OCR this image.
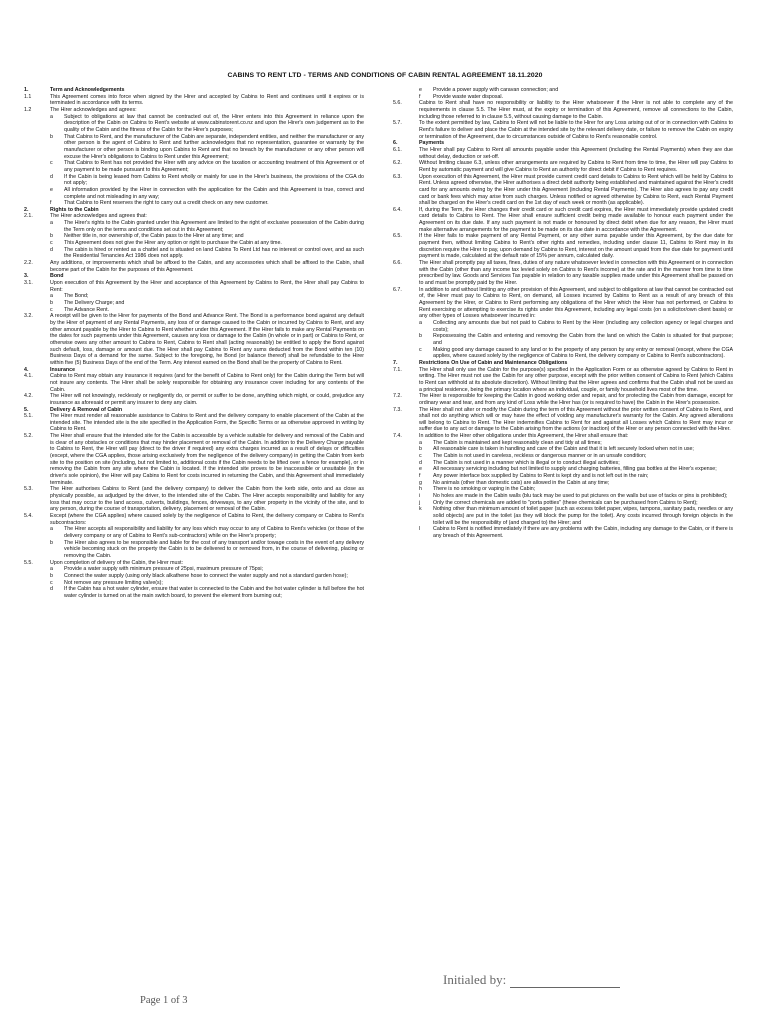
CABINS TO RENT LTD - TERMS AND CONDITIONS OF CABIN RENTAL AGREEMENT 18.11.2020
1.	Term and Acknowledgements
1.1	This Agreement comes into force when signed by the Hirer and accepted by Cabins to Rent and continues until it expires or is terminated in accordance with its terms.
1.2	The Hirer acknowledges and agrees:
a	Subject to obligations at law that cannot be contracted out of, the Hirer enters into this Agreement in reliance upon the description of the Cabin on Cabins to Rent's website at www.cabinstorent.co.nz and upon the Hirer's own judgement as to the quality of the Cabin and the fitness of the Cabin for the Hirer's purposes;
b	That Cabins to Rent, and the manufacturer of the Cabin are separate, independent entities, and neither the manufacturer or any other person is the agent of Cabins to Rent and further acknowledges that no representation, guarantee or warranty by the manufacturer or other person is binding upon Cabins to Rent and that no breach by the manufacturer or any other person will excuse the Hirer's obligations to Cabins to Rent under this Agreement;
c	That Cabins to Rent has not provided the Hirer with any advice on the taxation or accounting treatment of this Agreement or of any payment to be made pursuant to this Agreement;
d	If the Cabin is being leased from Cabins to Rent wholly or mainly for use in the Hirer's business, the provisions of the CGA do not apply;
e	All information provided by the Hirer in connection with the application for the Cabin and this Agreement is true, correct and complete and not misleading in any way;
f	That Cabins to Rent reserves the right to carry out a credit check on any new customer.
2.	Rights to the Cabin
2.1.	The Hirer acknowledges and agrees that:
a	The Hirer's rights to the Cabin granted under this Agreement are limited to the right of exclusive possession of the Cabin during the Term only on the terms and conditions set out in this Agreement;
b	Neither title in, nor ownership of, the Cabin pass to the Hirer at any time; and
c	This Agreement does not give the Hirer any option or right to purchase the Cabin at any time.
d	The cabin is hired or rented as a chattel and is situated on land Cabins To Rent Ltd has no interest or control over, and as such the Residential Tenancies Act 1986 does not apply.
2.2.	Any additions, or improvements which shall be affixed to the Cabin, and any accessories which shall be affixed to the Cabin, shall become part of the Cabin for the purposes of this Agreement.
3.	Bond
3.1.	Upon execution of this Agreement by the Hirer and acceptance of this Agreement by Cabins to Rent, the Hirer shall pay Cabins to Rent:
a	The Bond;
b	The Delivery Charge; and
c	The Advance Rent.
3.2.	A receipt will be given to the Hirer for payments of the Bond and Advance Rent. The Bond is a performance bond against any default by the Hirer of payment of any Rental Payments, any loss of or damage caused to the Cabin or incurred by Cabins to Rent, and any other amount payable by the Hirer to Cabins to Rent whether under this Agreement. If the Hirer fails to make any Rental Payments on the dates for such payments under this Agreement, causes any loss or damage to the Cabin (in whole or in part) or Cabins to Rent, or otherwise owes any other amount to Cabins to Rent, Cabins to Rent shall (acting reasonably) be entitled to apply the Bond against such default, loss, damage or amount due. The Hirer shall pay Cabins to Rent any sums deducted from the Bond within ten (10) Business Days of a demand for the same. Subject to the foregoing, he Bond (or balance thereof) shall be refundable to the Hirer within five (5) Business Days of the end of the Term. Any interest earned on the Bond shall be the property of Cabins to Rent.
4.	Insurance
4.1.	Cabins to Rent may obtain any insurance it requires (and for the benefit of Cabins to Rent only) for the Cabin during the Term but will not insure any contents. The Hirer shall be solely responsible for obtaining any insurance cover including for any contents of the Cabin.
4.2.	The Hirer will not knowingly, recklessly or negligently do, or permit or suffer to be done, anything which might, or could, prejudice any insurance as aforesaid or permit any insurer to deny any claim.
5.	Delivery & Removal of Cabin
5.1.	The Hirer must render all reasonable assistance to Cabins to Rent and the delivery company to enable placement of the Cabin at the intended site. The intended site is the site specified in the Application Form, the Specific Terms or as otherwise approved in writing by Cabins to Rent.
5.2.	The Hirer shall ensure that the intended site for the Cabin is accessible by a vehicle suitable for delivery and removal of the Cabin and is clear of any obstacles or conditions that may hinder placement or removal of the Cabin. In addition to the Delivery Charge payable to Cabins to Rent, the Hirer will pay (direct to the driver if required) any extra charges incurred as a result of delays or difficulties (except, where the CGA applies, those arising exclusively from the negligence of the delivery company) in getting the Cabin from kerb site to the position on site (including, but not limited to, additional costs if the Cabin needs to be lifted over a fence for example), or in removing the Cabin from any site where the Cabin is located. If the intended site proves to be inaccessible or unsuitable (in the driver's sole opinion), the Hirer will pay Cabins to Rent for costs incurred in returning the Cabin, and this Agreement shall immediately terminate.
5.3.	The Hirer authorises Cabins to Rent (and the delivery company) to deliver the Cabin from the kerb side, onto and as close as physically possible, as adjudged by the driver, to the intended site of the Cabin. The Hirer accepts responsibility and liability for any loss that may occur to the land access, culverts, buildings, fences, driveways, to any other property in the vicinity of the site, and to any person, during the course of transportation, delivery, placement or removal of the Cabin.
5.4.	Except (where the CGA applies) where caused solely by the negligence of Cabins to Rent, the delivery company or Cabins to Rent's subcontractors:
a	The Hirer accepts all responsibility and liability for any loss which may occur to any of Cabins to Rent's vehicles (or those of the delivery company or any of Cabins to Rent's sub-contractors) while on the Hirer's property;
b	The Hirer also agrees to be responsible and liable for the cost of any transport and/or towage costs in the event of any delivery vehicle becoming stuck on the property the Cabin is to be delivered to or removed from, in the course of delivering, placing or removing the Cabin.
5.5.	Upon completion of delivery of the Cabin, the Hirer must:
a	Provide a water supply with minimum pressure of 25psi, maximum pressure of 75psi;
b	Connect the water supply (using only black alkathene hose to connect the water supply and not a standard garden hose);
c	Not remove any pressure limiting valve(s);
d	If the Cabin has a hot water cylinder, ensure that water is connected to the Cabin and the hot water cylinder is full before the hot water cylinder is turned on at the main switch board, to prevent the element from burning out;
e	Provide a power supply with caravan connection; and
f	Provide waste water disposal.
5.6.	Cabins to Rent shall have no responsibility or liability to the Hirer whatsoever if the Hirer is not able to complete any of the requirements in clause 5.5. The Hirer must, at the expiry or termination of this Agreement, remove all connections to the Cabin, including those referred to in clause 5.5, without causing damage to the Cabin.
5.7.	To the extent permitted by law, Cabins to Rent will not be liable to the Hirer for any Loss arising out of or in connection with Cabins to Rent's failure to deliver and place the Cabin at the intended site by the relevant delivery date, or failure to remove the Cabin on expiry or termination of the Agreement, due to circumstances outside of Cabins to Rent's reasonable control.
6.	Payments
6.1.	The Hirer shall pay Cabins to Rent all amounts payable under this Agreement (including the Rental Payments) when they are due without delay, deduction or set-off.
6.2.	Without limiting clause 6.3, unless other arrangements are required by Cabins to Rent from time to time, the Hirer will pay Cabins to Rent by automatic payment and will give Cabins to Rent an authority for direct debit if Cabins to Rent requires.
6.3.	Upon execution of this Agreement, the Hirer must provide current credit card details to Cabins to Rent which will be held by Cabins to Rent. Unless agreed otherwise, the Hirer authorises a direct debit authority being established and maintained against the Hirer's credit card for any amounts owing by the Hirer under this Agreement (including Rental Payments). The Hirer also agrees to pay any credit card or bank fees which may arise from such charges. Unless notified or agreed otherwise by Cabins to Rent, each Rental Payment shall be charged on the Hirer's credit card on the 1st day of each week or month (as applicable).
6.4.	If, during the Term, the Hirer changes their credit card or such credit card expires, the Hirer must immediately provide updated credit card details to Cabins to Rent. The Hirer shall ensure sufficient credit being made available to honour each payment under the Agreement on its due date. If any such payment is not made or honoured by direct debit when due for any reason, the Hirer must make alternative arrangements for the payment to be made on its due date in accordance with the Agreement.
6.5.	If the Hirer fails to make payment of any Rental Payment, or any other sums payable under this Agreement, by the due date for payment then, without limiting Cabins to Rent's other rights and remedies, including under clause 11, Cabins to Rent may in its discretion require the Hirer to pay, upon demand by Cabins to Rent, interest on the amount unpaid from the due date for payment until payment is made, calculated at the default rate of 15% per annum, calculated daily.
6.6.	The Hirer shall promptly pay all taxes, fines, duties of any nature whatsoever levied in connection with this Agreement or in connection with the Cabin (other than any income tax levied solely on Cabins to Rent's income) at the rate and in the manner from time to time prescribed by law. Goods and Services Tax payable in relation to any taxable supplies made under this Agreement shall be passed on to and must be promptly paid by the Hirer.
6.7.	In addition to and without limiting any other provision of this Agreement, and subject to obligations at law that cannot be contracted out of, the Hirer must pay to Cabins to Rent, on demand, all Losses incurred by Cabins to Rent as a result of any breach of this Agreement by the Hirer, or Cabins to Rent performing any obligations of the Hirer which the Hirer has not performed, or Cabins to Rent exercising or attempting to exercise its rights under this Agreement, including any legal costs (on a solicitor/own client basis) or any other types of Losses whatsoever incurred in:
a	Collecting any amounts due but not paid to Cabins to Rent by the Hirer (including any collection agency or legal charges and costs);
b	Repossessing the Cabin and entering and removing the Cabin from the land on which the Cabin is situated for that purpose; and
c	Making good any damage caused to any land or to the property of any person by any entry or removal (except, where the CGA applies, where caused solely by the negligence of Cabins to Rent, the delivery company or Cabins to Rent's subcontractors).
7.	Restrictions On Use of Cabin and Maintenance Obligations
7.1.	The Hirer shall only use the Cabin for the purpose(s) specified in the Application Form or as otherwise agreed by Cabins to Rent in writing. The Hirer must not use the Cabin for any other purpose, except with the prior written consent of Cabins to Rent (which Cabins to Rent can withhold at its absolute discretion). Without limiting that the Hirer agrees and confirms that the Cabin shall not be used as a principal residence, being the primary location where an individual, couple, or family household lives most of the time.
7.2.	The Hirer is responsible for keeping the Cabin in good working order and repair, and for protecting the Cabin from damage, except for ordinary wear and tear, and from any kind of Loss while the Hirer has (or is required to have) the Cabin in the Hirer's possession.
7.3.	The Hirer shall not alter or modify the Cabin during the term of this Agreement without the prior written consent of Cabins to Rent, and shall not do anything which will or may have the effect of voiding any manufacturer's warranty for the Cabin. Any agreed alterations will belong to Cabins to Rent. The Hirer indemnifies Cabins to Rent for and against all Losses which Cabins to Rent may incur or suffer due to any act or damage to the Cabin arising from the actions (or inaction) of the Hirer or any person connected with the Hirer.
7.4.	In addition to the Hirer other obligations under this Agreement, the Hirer shall ensure that:
a	The Cabin is maintained and kept reasonably clean and tidy at all times;
b	All reasonable care is taken in handling and care of the Cabin and that it is left securely locked when not in use;
c	The Cabin is not used in careless, reckless or dangerous manner or in an unsafe condition;
d	The Cabin is not used in a manner which is illegal or to conduct illegal activities;
e	All necessary servicing including but not limited to supply and charging batteries, filling gas bottles at the Hirer's expense;
f	Any power interface box supplied by Cabins to Rent is kept dry and is not left out in the rain;
g	No animals (other than domestic cats) are allowed in the Cabin at any time;
h	There is no smoking or vaping in the Cabin;
i	No holes are made in the Cabin walls (blu tack may be used to put pictures on the walls but use of tacks or pins is prohibited);
j	Only the correct chemicals are added to "porta potties" (these chemicals can be purchased from Cabins to Rent);
k	Nothing other than minimum amount of toilet paper (such as excess toilet paper, wipes, tampons, sanitary pads, needles or any solid objects) are put in the toilet (as they will block the pump for the toilet). Any costs incurred through foreign objects in the toilet will be the responsibility of (and charged to) the Hirer; and
l	Cabins to Rent is notified immediately if there are any problems with the Cabin, including any damage to the Cabin, or if there is any breach of this Agreement.
Page 1 of 3
Initialed by:
